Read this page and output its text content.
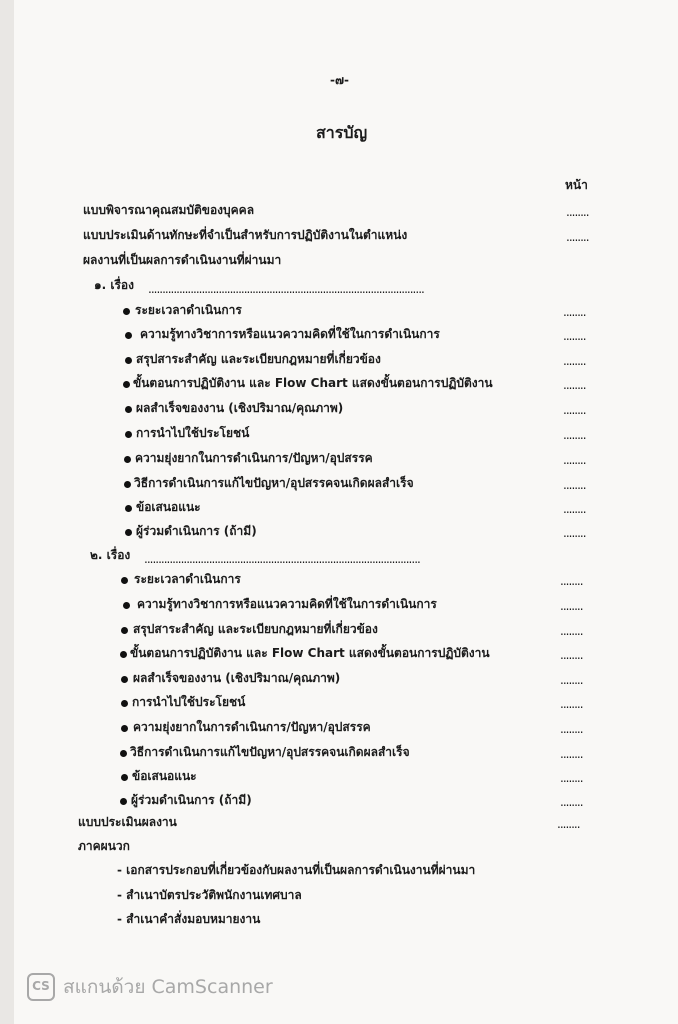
-๗-
สารบัญ
หน้า
แบบพิจารณาคุณสมบัติของบุคคล	........
แบบประเมินด้านทักษะที่จำเป็นสำหรับการปฏิบัติงานในตำแหน่ง	........
ผลงานที่เป็นผลการดำเนินงานที่ผ่านมา
๑. เรื่อง ..................................................................................................
ระยะเวลาดำเนินการ	........
ความรู้ทางวิชาการหรือแนวความคิดที่ใช้ในการดำเนินการ	........
สรุปสาระสำคัญ และระเบียบกฎหมายที่เกี่ยวข้อง	........
ขั้นตอนการปฏิบัติงาน และ Flow Chart แสดงขั้นตอนการปฏิบัติงาน	........
ผลสำเร็จของงาน (เชิงปริมาณ/คุณภาพ)	........
การนำไปใช้ประโยชน์	........
ความยุ่งยากในการดำเนินการ/ปัญหา/อุปสรรค	........
วิธีการดำเนินการแก้ไขปัญหา/อุปสรรคจนเกิดผลสำเร็จ	........
ข้อเสนอแนะ	........
ผู้ร่วมดำเนินการ (ถ้ามี)	........
๒. เรื่อง ..................................................................................................
ระยะเวลาดำเนินการ	........
ความรู้ทางวิชาการหรือแนวความคิดที่ใช้ในการดำเนินการ	........
สรุปสาระสำคัญ และระเบียบกฎหมายที่เกี่ยวข้อง	........
ขั้นตอนการปฏิบัติงาน และ Flow Chart แสดงขั้นตอนการปฏิบัติงาน	........
ผลสำเร็จของงาน (เชิงปริมาณ/คุณภาพ)	........
การนำไปใช้ประโยชน์	........
ความยุ่งยากในการดำเนินการ/ปัญหา/อุปสรรค	........
วิธีการดำเนินการแก้ไขปัญหา/อุปสรรคจนเกิดผลสำเร็จ	........
ข้อเสนอแนะ	........
ผู้ร่วมดำเนินการ (ถ้ามี)	........
แบบประเมินผลงาน	........
ภาคผนวก
- เอกสารประกอบที่เกี่ยวข้องกับผลงานที่เป็นผลการดำเนินงานที่ผ่านมา
- สำเนาบัตรประวัติพนักงานเทศบาล
- สำเนาคำสั่งมอบหมายงาน
CS สแกนด้วย CamScanner
